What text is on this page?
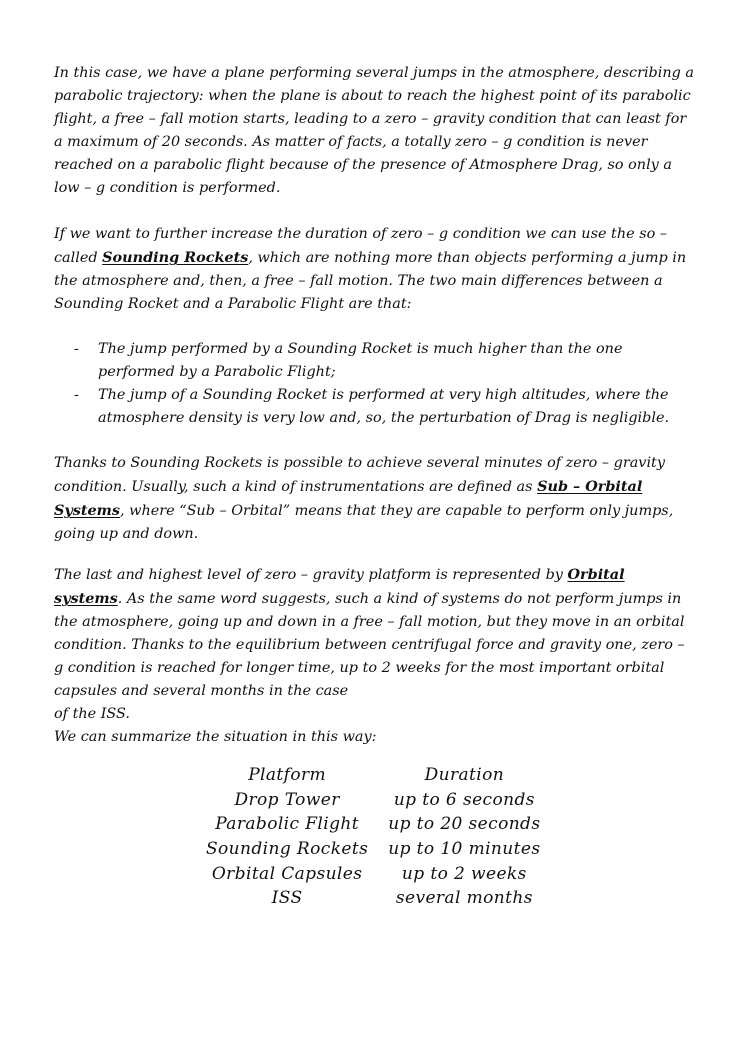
In this case, we have a plane performing several jumps in the atmosphere, describing a parabolic trajectory: when the plane is about to reach the highest point of its parabolic flight, a free – fall motion starts, leading to a zero – gravity condition that can least for a maximum of 20 seconds. As matter of facts, a totally zero – g condition is never reached on a parabolic flight because of the presence of Atmosphere Drag, so only a low – g condition is performed.

If we want to further increase the duration of zero – g condition we can use the so – called Sounding Rockets, which are nothing more than objects performing a jump in the atmosphere and, then, a free – fall motion. The two main differences between a Sounding Rocket and a Parabolic Flight are that:

- The jump performed by a Sounding Rocket is much higher than the one performed by a Parabolic Flight;
- The jump of a Sounding Rocket is performed at very high altitudes, where the atmosphere density is very low and, so, the perturbation of Drag is negligible.

Thanks to Sounding Rockets is possible to achieve several minutes of zero – gravity condition. Usually, such a kind of instrumentations are defined as Sub – Orbital Systems, where “Sub – Orbital” means that they are capable to perform only jumps, going up and down.

The last and highest level of zero – gravity platform is represented by Orbital systems. As the same word suggests, such a kind of systems do not perform jumps in the atmosphere, going up and down in a free – fall motion, but they move in an orbital condition. Thanks to the equilibrium between centrifugal force and gravity one, zero – g condition is reached for longer time, up to 2 weeks for the most important orbital capsules and several months in the case
of the ISS.
We can summarize the situation in this way:

Platform	Duration
Drop Tower	up to 6 seconds
Parabolic Flight	up to 20 seconds
Sounding Rockets	up to 10 minutes
Orbital Capsules	up to 2 weeks
ISS	several months
